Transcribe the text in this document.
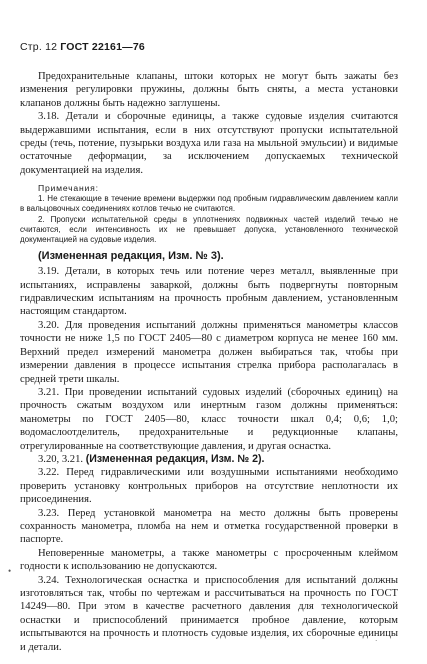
Стр. 12 ГОСТ 22161—76

Предохранительные клапаны, штоки которых не могут быть зажаты без изменения регулировки пружины, должны быть сняты, а места установки клапанов должны быть надежно заглушены.

3.18. Детали и сборочные единицы, а также судовые изделия считаются выдержавшими испытания, если в них отсутствуют пропуски испытательной среды (течь, потение, пузырьки воздуха или газа на мыльной эмульсии) и видимые остаточные деформации, за исключением допускаемых технической документацией на изделия.

Примечания:

1. Не стекающие в течение времени выдержки под пробным гидравлическим давлением капли в вальцовочных соединениях котлов течью не считаются.

2. Пропуски испытательной среды в уплотнениях подвижных частей изделий течью не считаются, если интенсивность их не превышает допуска, установленного технической документацией на судовые изделия.

(Измененная редакция, Изм. № 3).

3.19. Детали, в которых течь или потение через металл, выявленные при испытаниях, исправлены заваркой, должны быть подвергнуты повторным гидравлическим испытаниям на прочность пробным давлением, установленным настоящим стандартом.

3.20. Для проведения испытаний должны применяться манометры классов точности не ниже 1,5 по ГОСТ 2405—80 с диаметром корпуса не менее 160 мм. Верхний предел измерений манометра должен выбираться так, чтобы при измерении давления в процессе испытания стрелка прибора располагалась в средней трети шкалы.

3.21. При проведении испытаний судовых изделий (сборочных единиц) на прочность сжатым воздухом или инертным газом должны применяться: манометры по ГОСТ 2405—80, класс точности шкал 0,4; 0,6; 1,0; водомаслоотделитель, предохранительные и редукционные клапаны, отрегулированные на соответствующие давления, и другая оснастка.

3.20, 3.21. (Измененная редакция, Изм. № 2).

3.22. Перед гидравлическими или воздушными испытаниями необходимо проверить установку контрольных приборов на отсутствие неплотности их присоединения.

3.23. Перед установкой манометра на место должны быть проверены сохранность манометра, пломба на нем и отметка государственной проверки в паспорте.

Неповеренные манометры, а также манометры с просроченным клеймом годности к использованию не допускаются.

3.24. Технологическая оснастка и приспособления для испытаний должны изготовляться так, чтобы по чертежам и рассчитываться на прочность по ГОСТ 14249—80. При этом в качестве расчетного давления для технологической оснастки и приспособлений принимается пробное давление, которым испытываются на прочность и плотность судовые изделия, их сборочные единицы и детали.

•
·
